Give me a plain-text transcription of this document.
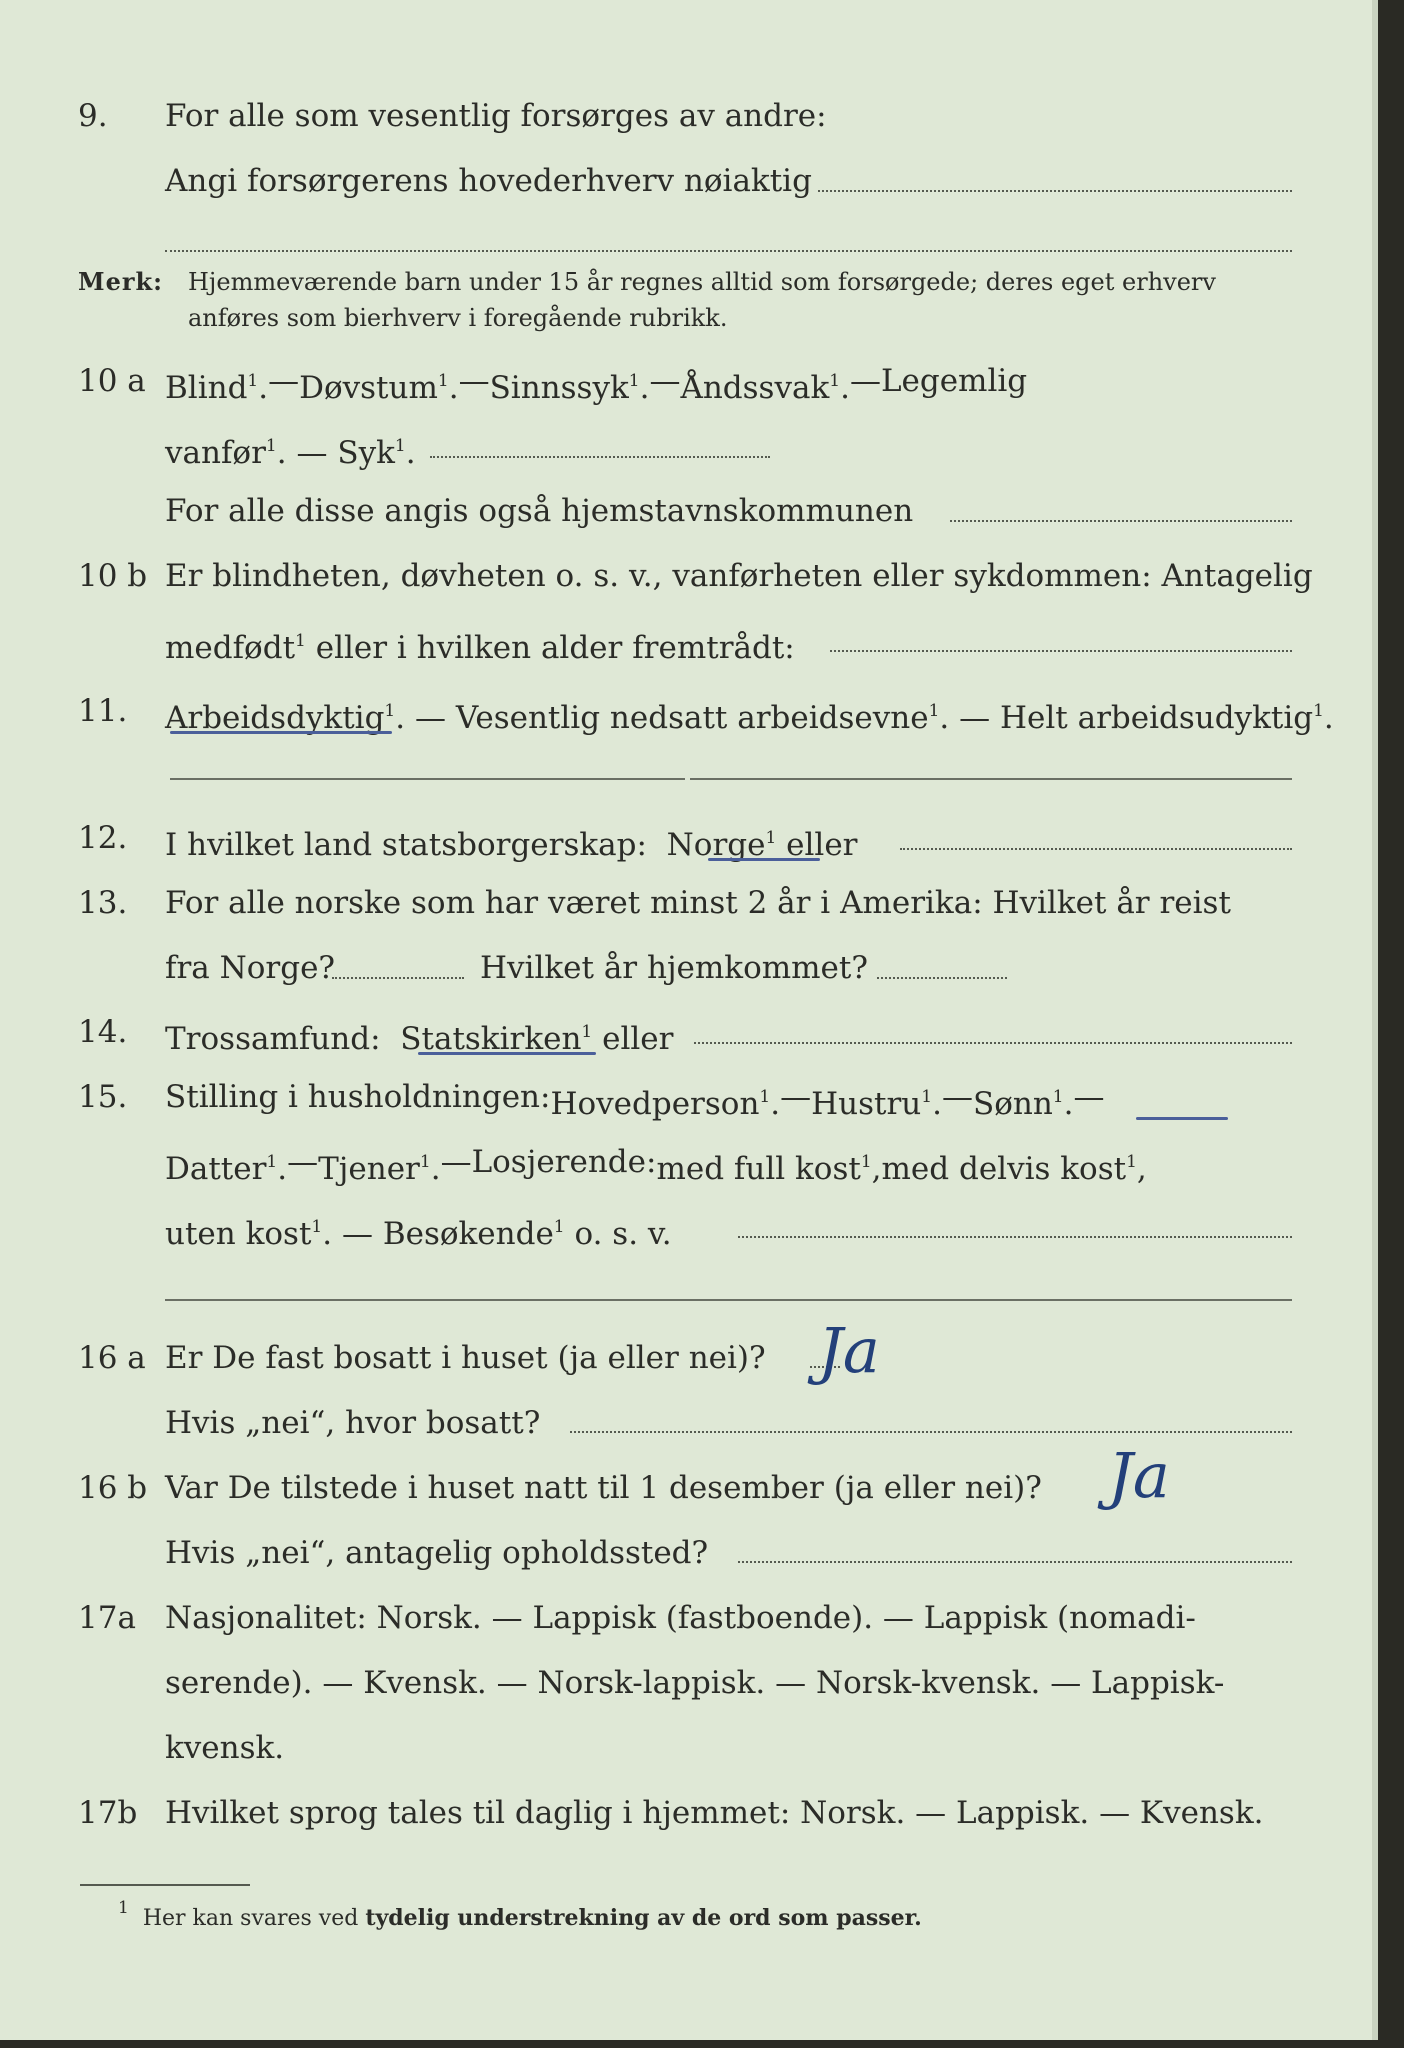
9. For alle som vesentlig forsørges av andre:
Angi forsørgerens hovederhverv nøiaktig
Merk: Hjemmeværende barn under 15 år regnes alltid som forsørgede; deres eget erhverv
anføres som bierhverv i foregående rubrikk.
10 a Blind$^1$. — Døvstum$^1$. — Sinnssyk$^1$. — Åndssvak$^1$. — Legemlig
vanfør$^1$. — Syk$^1$.
For alle disse angis også hjemstavnskommunen
10 b Er blindheten, døvheten o. s. v., vanførheten eller sykdommen: Antagelig
medfødt$^1$ eller i hvilken alder fremtrådt:
11. Arbeidsdyktig$^1$. — Vesentlig nedsatt arbeidsevne$^1$. — Helt arbeidsudyktig$^1$.
12. I hvilket land statsborgerskap: Norge$^1$ eller
13. For alle norske som har været minst 2 år i Amerika: Hvilket år reist
fra Norge?	Hvilket år hjemkommet?
14. Trossamfund: Statskirken$^1$ eller
15. Stilling i husholdningen: Hovedperson$^1$. — Hustru$^1$. — Sønn$^1$. —
Datter$^1$. — Tjener$^1$. — Losjerende: med full kost$^1$, med delvis kost$^1$,
uten kost$^1$. — Besøkende$^1$ o. s. v.
16 a Er De fast bosatt i huset (ja eller nei)? Ja
Hvis „nei“, hvor bosatt?
16 b Var De tilstede i huset natt til 1 desember (ja eller nei)? Ja
Hvis „nei“, antagelig opholdssted?
17a Nasjonalitet: Norsk. — Lappisk (fastboende). — Lappisk (nomadi-
serende). — Kvensk. — Norsk-lappisk. — Norsk-kvensk. — Lappisk-
kvensk.
17b Hvilket sprog tales til daglig i hjemmet: Norsk. — Lappisk. — Kvensk.
$^1$ Her kan svares ved tydelig understrekning av de ord som passer.
